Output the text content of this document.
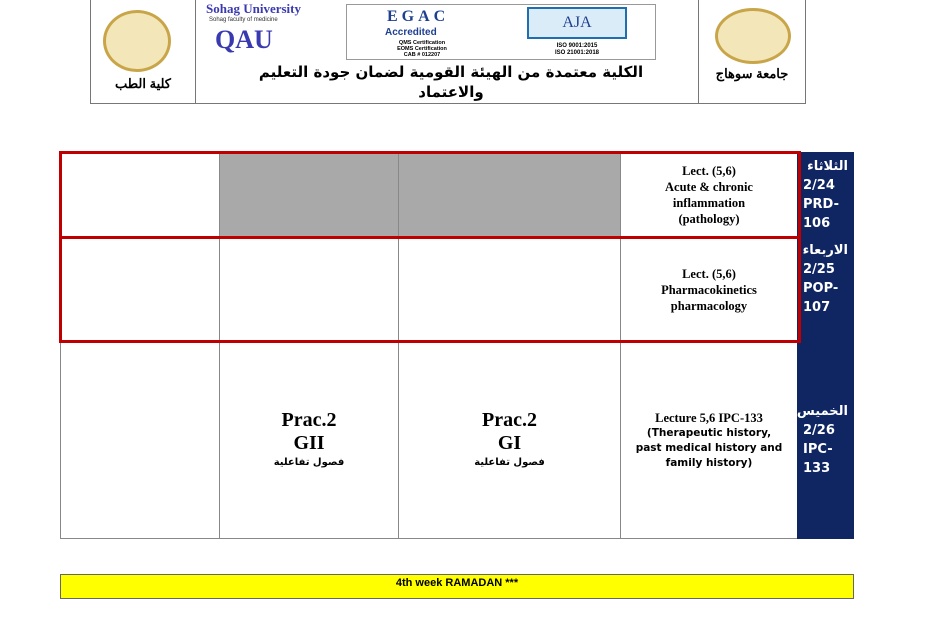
كلية الطب
جامعة سوهاج
Sohag University
Sohag faculty of medicine
QAU
EGAC
Accredited
QMS Certification
EOMS Certification
CAB # 012207
AJA
ISO 9001:2015
ISO 21001:2018
الكلية معتمدة من الهيئة القومية لضمان جودة التعليم والاعتماد
Lect. (5,6)
Acute & chronic
inflammation
(pathology)
الثلاثاء
2/24
PRD-
106
Lect. (5,6)
Pharmacokinetics
pharmacology
الاربعاء
2/25
POP-
107
Prac.2
GII
فصول تفاعلية
Prac.2
GI
فصول تفاعلية
Lecture 5,6 IPC-133
(Therapeutic history, past medical history and family history)
الخميس
2/26
IPC-
133
4th week RAMADAN ***
